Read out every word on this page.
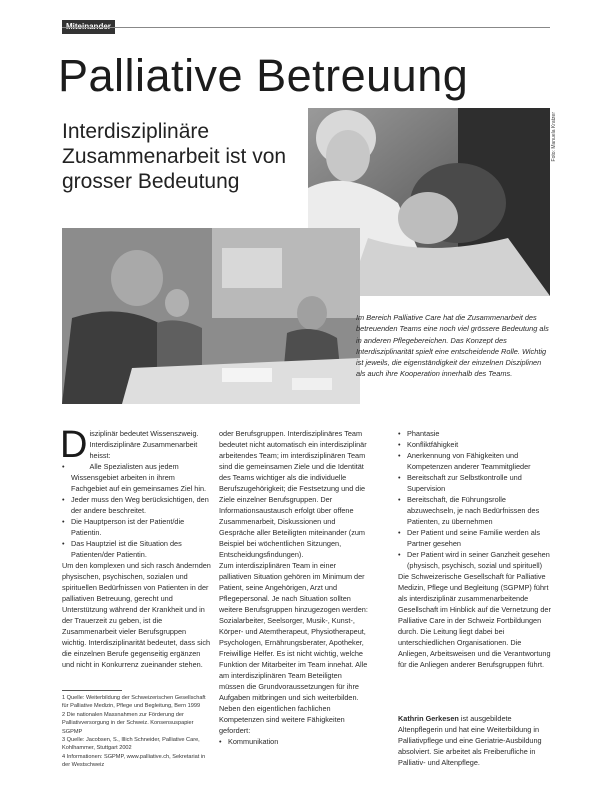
Palliative Betreuung
Interdisziplinäre Zusammenarbeit ist von grosser Bedeutung
Foto: Manuela Kratzer
Im Bereich Palliative Care hat die Zusammenarbeit des betreuenden Teams eine noch viel grössere Bedeutung als in anderen Pflegebereichen. Das Konzept des Interdisziplinarität spielt eine entscheidende Rolle. Wichtig ist jeweils, die eigenständigkeit der einzelnen Disziplinen als auch ihre Kooperation innerhalb des Teams.

Disziplinär bedeutet Wissenszweig. Interdisziplinäre Zusammenarbeit heisst:

• Alle Spezialisten aus jedem Wissensgebiet arbeiten in ihrem Fachgebiet auf ein gemeinsames Ziel hin.
• Jeder muss den Weg berücksichtigen, den der andere beschreitet.
• Die Hauptperson ist der Patient/die Patientin.
• Das Hauptziel ist die Situation des Patienten/der Patientin.

Um den komplexen und sich rasch ändernden physischen, psychischen, sozialen und spirituellen Bedürfnissen von Patienten in der palliativen Betreuung, gerecht und Unterstützung während der Krankheit und in der Trauerzeit zu geben, ist die Zusammenarbeit vieler Berufsgruppen wichtig. Interdisziplinarität bedeutet, dass sich die einzelnen Berufe gegenseitig ergänzen und nicht in Konkurrenz zueinander stehen.

1 Quelle: Weiterbildung der Schweizerischen Gesellschaft für Palliative Medizin, Pflege und Begleitung, Bern 1999
2 Die nationalen Massnahmen zur Förderung der Palliativversorgung in der Schweiz. Konsensuspapier SGPMP
3 Quelle: Jacobsen, S., Illich Schneider, Palliative Care, Kohlhammer, Stuttgart 2002
4 Informationen: SGPMP, www.palliative.ch, Sekretariat in der Westschweiz

oder Berufsgruppen. Interdisziplinäres Team bedeutet nicht automatisch ein interdisziplinär arbeitendes Team; im interdisziplinären Team sind die gemeinsamen Ziele und die Identität des Teams wichtiger als die individuelle Berufszugehörigkeit; die Festsetzung und die Ziele einzelner Berufsgruppen. Der Informationsaustausch erfolgt über offene Zusammenarbeit, Diskussionen und Gespräche aller Beteiligten miteinander (zum Beispiel bei wöchentlichen Sitzungen, Entscheidungsfindungen).

Zum interdisziplinären Team in einer palliativen Situation gehören im Minimum der Patient, seine Angehörigen, Arzt und Pflegepersonal. Je nach Situation sollten weitere Berufsgruppen hinzugezogen werden: Sozialarbeiter, Seelsorger, Musik-, Kunst-, Körper- und Atemtherapeut, Physiotherapeut, Psychologen, Ernährungsberater, Apotheker, Freiwillige Helfer. Es ist nicht wichtig, welche Funktion der Mitarbeiter im Team innehat. Alle am interdisziplinären Team Beteiligten müssen die Grundvoraussetzungen für ihre Aufgaben mitbringen und sich weiterbilden. Neben den eigentlichen fachlichen Kompetenzen sind weitere Fähigkeiten gefordert:

• Kommunikation
• Phantasie
• Konfliktfähigkeit
• Anerkennung von Fähigkeiten und Kompetenzen anderer Teammitglieder
• Bereitschaft zur Selbstkontrolle und Supervision
• Bereitschaft, die Führungsrolle abzuwechseln, je nach Bedürfnissen des Patienten, zu übernehmen
• Der Patient und seine Familie werden als Partner gesehen
• Der Patient wird in seiner Ganzheit gesehen (physisch, psychisch, sozial und spirituell)

Die Schweizerische Gesellschaft für Palliative Medizin, Pflege und Begleitung (SGPMP) führt als interdisziplinär zusammenarbeitende Gesellschaft im Hinblick auf die Vernetzung der Palliative Care in der Schweiz Fortbildungen durch. Die Leitung liegt dabei bei unterschiedlichen Organisationen. Die Anliegen, Arbeitsweisen und die Verantwortung für die Anliegen anderer Berufsgruppen führt.

Kathrin Gerkesen ist ausgebildete Altenpflegerin und hat eine Weiterbildung in Palliativpflege und eine Geriatrie-Ausbildung absolviert. Sie arbeitet als Freiberufliche in Palliativ- und Altenpflege.
